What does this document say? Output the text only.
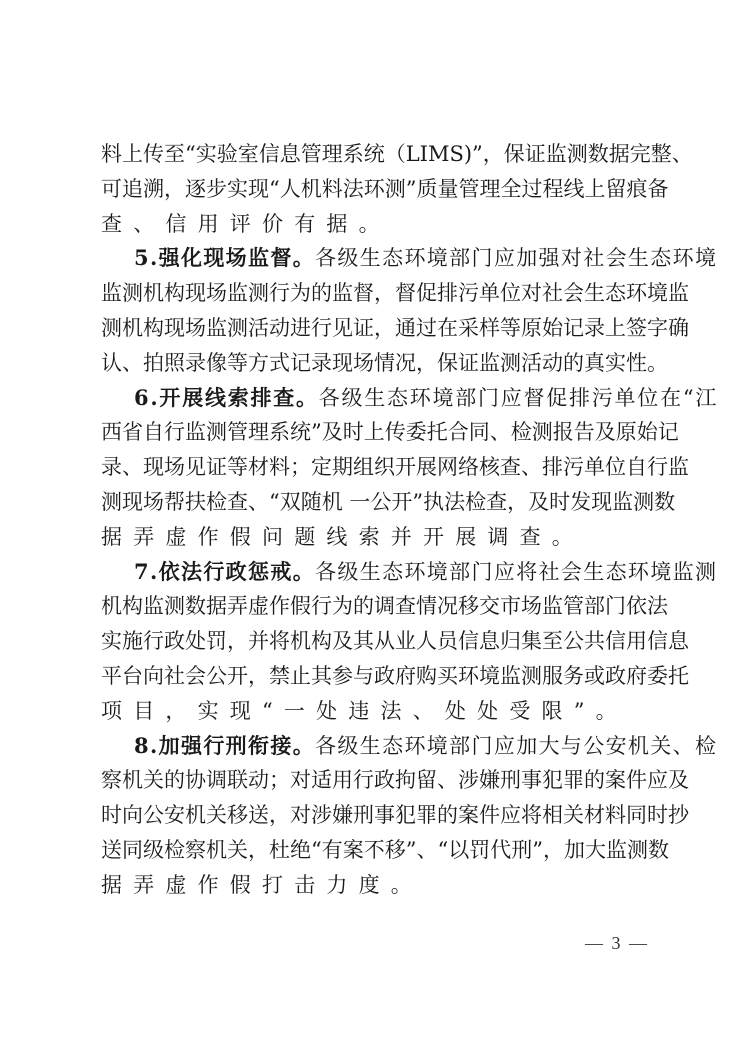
料上传至“实验室信息管理系统（LIMS)”，保证监测数据完整、
可追溯，逐步实现“人机料法环测”质量管理全过程线上留痕备
查、信用评价有据。
5.强化现场监督。各级生态环境部门应加强对社会生态环境
监测机构现场监测行为的监督，督促排污单位对社会生态环境监
测机构现场监测活动进行见证，通过在采样等原始记录上签字确
认、拍照录像等方式记录现场情况，保证监测活动的真实性。
6.开展线索排查。各级生态环境部门应督促排污单位在“江
西省自行监测管理系统”及时上传委托合同、检测报告及原始记
录、现场见证等材料；定期组织开展网络核查、排污单位自行监
测现场帮扶检查、“双随机 一公开”执法检查，及时发现监测数
据弄虚作假问题线索并开展调查。
7.依法行政惩戒。各级生态环境部门应将社会生态环境监测
机构监测数据弄虚作假行为的调查情况移交市场监管部门依法
实施行政处罚，并将机构及其从业人员信息归集至公共信用信息
平台向社会公开，禁止其参与政府购买环境监测服务或政府委托
项目，实现“一处违法、处处受限”。
8.加强行刑衔接。各级生态环境部门应加大与公安机关、检
察机关的协调联动；对适用行政拘留、涉嫌刑事犯罪的案件应及
时向公安机关移送，对涉嫌刑事犯罪的案件应将相关材料同时抄
送同级检察机关，杜绝“有案不移”、“以罚代刑”，加大监测数
据弄虚作假打击力度。
— 3 —
